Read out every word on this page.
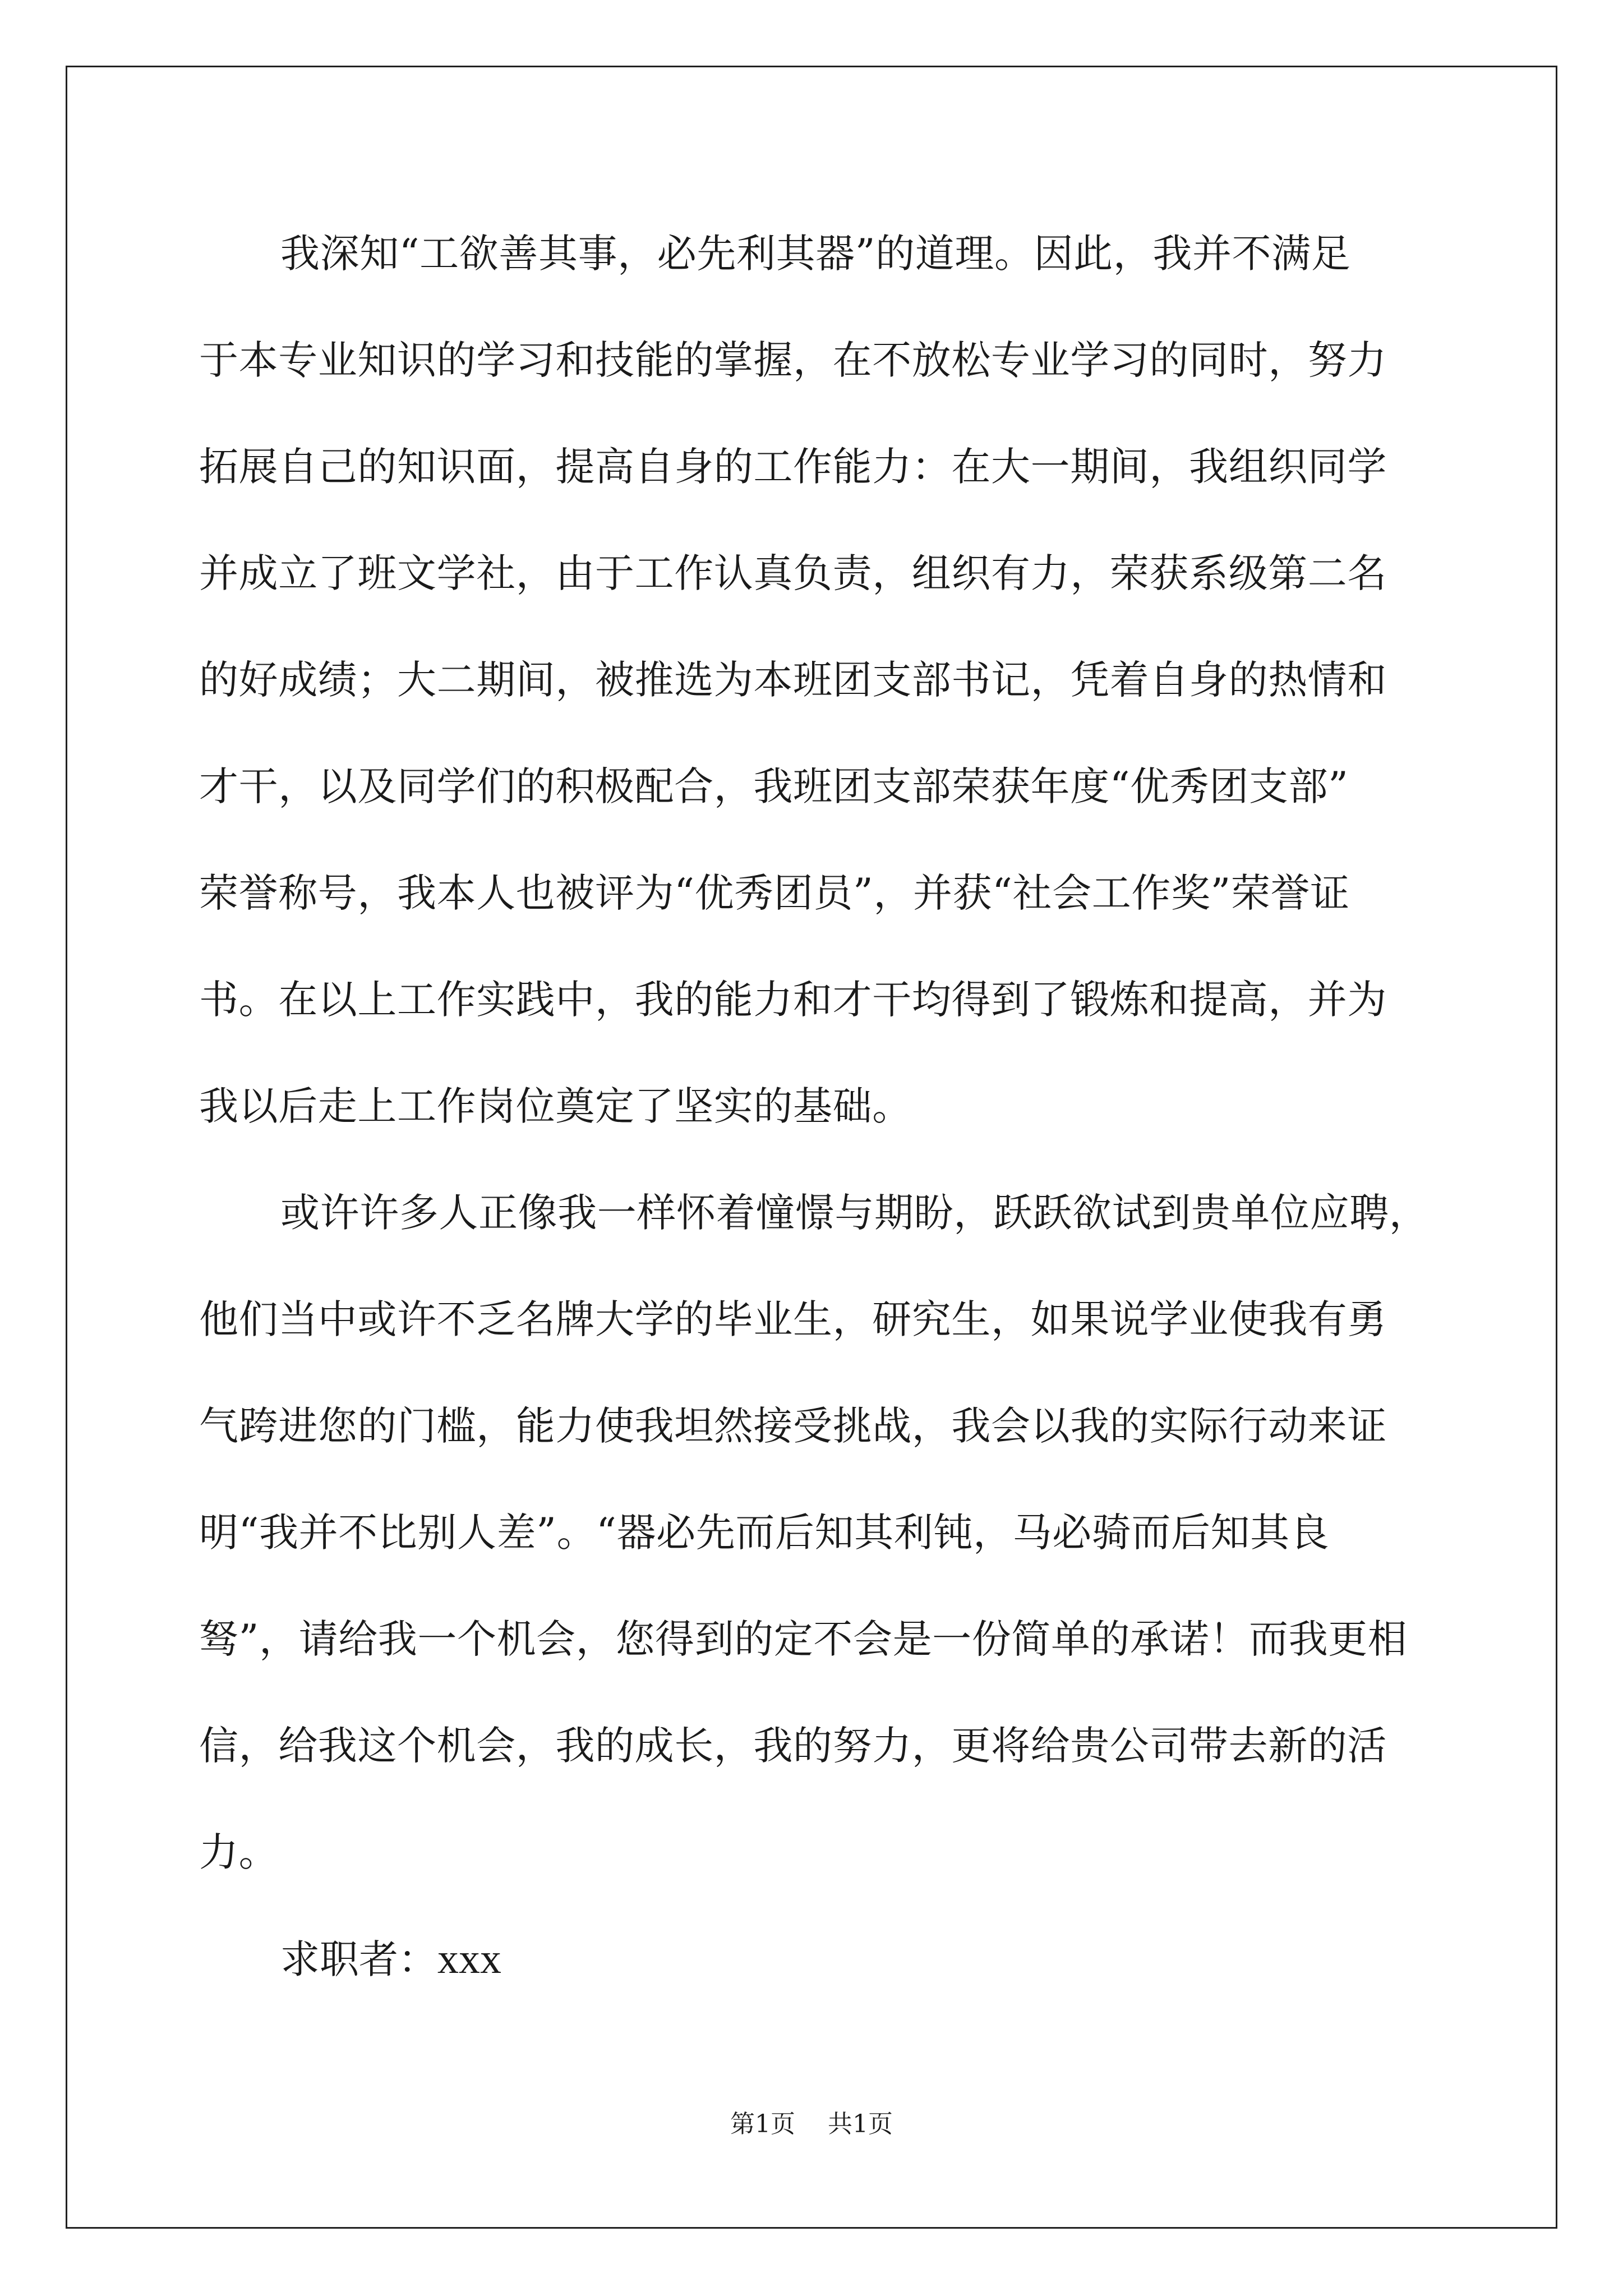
我深知“工欲善其事，必先利其器”的道理。因此，我并不满足
于本专业知识的学习和技能的掌握，在不放松专业学习的同时，努力
拓展自己的知识面，提高自身的工作能力：在大一期间，我组织同学
并成立了班文学社，由于工作认真负责，组织有力，荣获系级第二名
的好成绩；大二期间，被推选为本班团支部书记，凭着自身的热情和
才干，以及同学们的积极配合，我班团支部荣获年度“优秀团支部”
荣誉称号，我本人也被评为“优秀团员”，并获“社会工作奖”荣誉证
书。在以上工作实践中，我的能力和才干均得到了锻炼和提高，并为
我以后走上工作岗位奠定了坚实的基础。
或许许多人正像我一样怀着憧憬与期盼，跃跃欲试到贵单位应聘，
他们当中或许不乏名牌大学的毕业生，研究生，如果说学业使我有勇
气跨进您的门槛，能力使我坦然接受挑战，我会以我的实际行动来证
明“我并不比别人差”。“器必先而后知其利钝，马必骑而后知其良
驽”，请给我一个机会，您得到的定不会是一份简单的承诺！而我更相
信，给我这个机会，我的成长，我的努力，更将给贵公司带去新的活
力。
求职者：xxx
第1页 共1页
